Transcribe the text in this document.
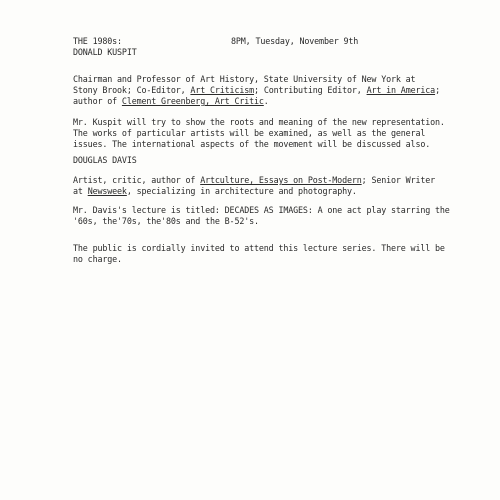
THE 1980s:	8PM, Tuesday, November 9th
DONALD KUSPIT
Chairman and Professor of Art History, State University of New York at
Stony Brook; Co-Editor, Art Criticism; Contributing Editor, Art in America;
author of Clement Greenberg, Art Critic.
Mr. Kuspit will try to show the roots and meaning of the new representation.
The works of particular artists will be examined, as well as the general
issues. The international aspects of the movement will be discussed also.
DOUGLAS DAVIS
Artist, critic, author of Artculture, Essays on Post-Modern; Senior Writer
at Newsweek, specializing in architecture and photography.
Mr. Davis's lecture is titled: DECADES AS IMAGES: A one act play starring the
'60s, the'70s, the'80s and the B-52's.
The public is cordially invited to attend this lecture series. There will be
no charge.
